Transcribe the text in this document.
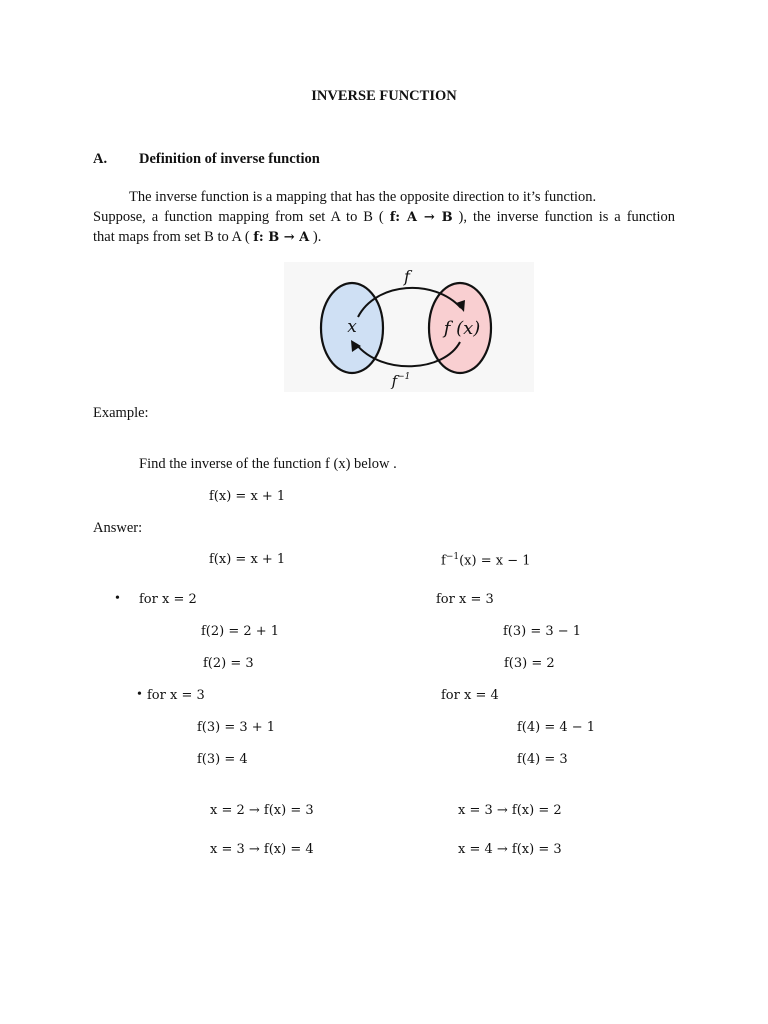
INVERSE FUNCTION
A. Definition of inverse function
The inverse function is a mapping that has the opposite direction to it’s function.
Suppose, a function mapping from set A to B ( f: A → B ), the inverse function is a function
that maps from set B to A ( f: B → A ).
x	f (x)
f
$f^{-1}$
Example:
Find the inverse of the function f (x) below .
f(x) = x + 1
Answer:
f(x) = x + 1	$f^{-1}(x) = x - 1$
• for x = 2
f(2) = 2 + 1
f(2) = 3
for x = 3
f(3) = 3 − 1
f(3) = 2
• for x = 3
f(3) = 3 + 1
f(3) = 4
for x = 4
f(4) = 4 − 1
f(4) = 3
x = 2 → f(x) = 3
x = 3 → f(x) = 4
x = 3 → f(x) = 2
x = 4 → f(x) = 3
